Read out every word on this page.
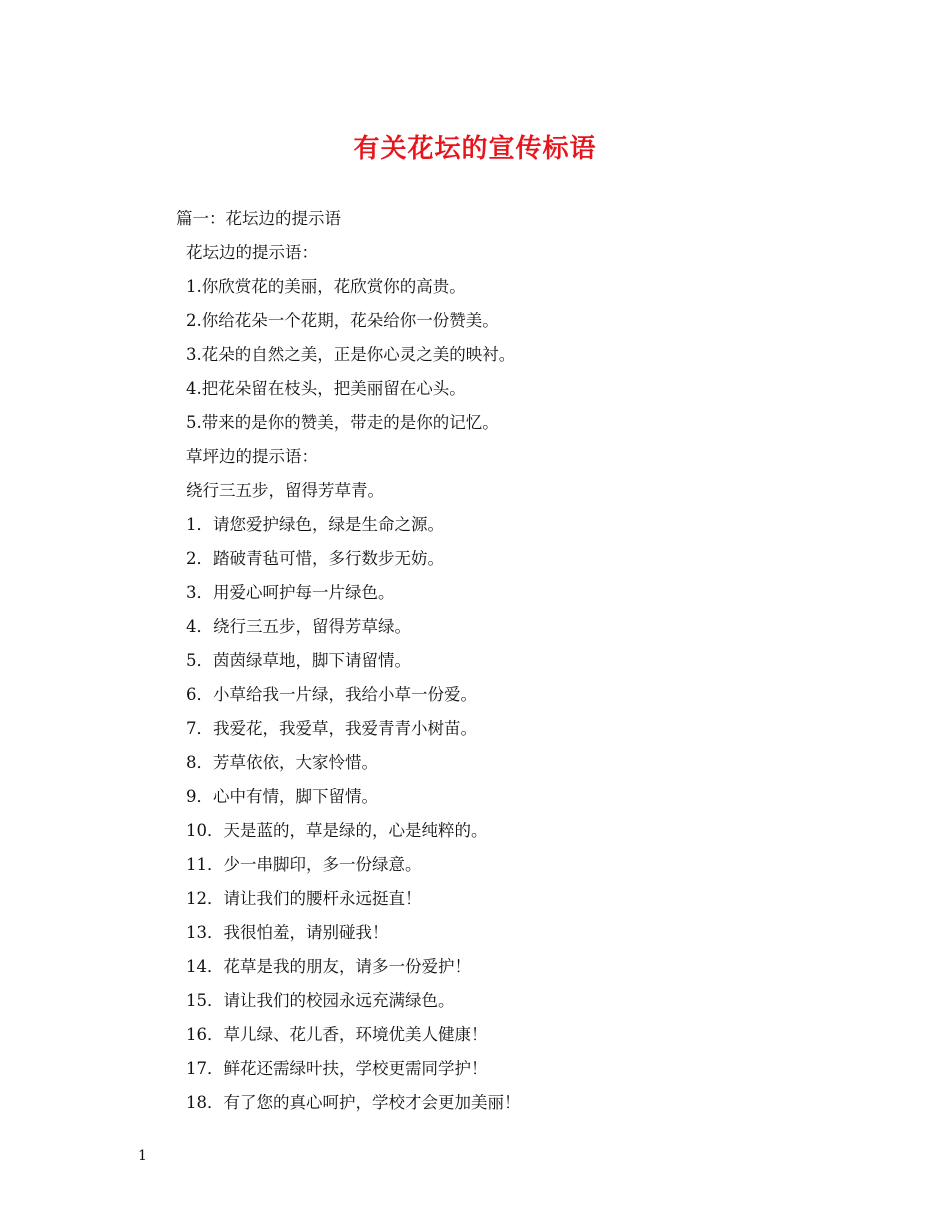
有关花坛的宣传标语
篇一：花坛边的提示语
花坛边的提示语：
1.你欣赏花的美丽，花欣赏你的高贵。
2.你给花朵一个花期，花朵给你一份赞美。
3.花朵的自然之美，正是你心灵之美的映衬。
4.把花朵留在枝头，把美丽留在心头。
5.带来的是你的赞美，带走的是你的记忆。
草坪边的提示语：
绕行三五步，留得芳草青。
1．请您爱护绿色，绿是生命之源。
2．踏破青毡可惜，多行数步无妨。
3．用爱心呵护每一片绿色。
4．绕行三五步，留得芳草绿。
5．茵茵绿草地，脚下请留情。
6．小草给我一片绿，我给小草一份爱。
7．我爱花，我爱草，我爱青青小树苗。
8．芳草依依，大家怜惜。
9．心中有情，脚下留情。
10．天是蓝的，草是绿的，心是纯粹的。
11．少一串脚印，多一份绿意。
12．请让我们的腰杆永远挺直！
13．我很怕羞，请别碰我！
14．花草是我的朋友，请多一份爱护！
15．请让我们的校园永远充满绿色。
16．草儿绿、花儿香，环境优美人健康！
17．鲜花还需绿叶扶，学校更需同学护！
18．有了您的真心呵护，学校才会更加美丽！
1
